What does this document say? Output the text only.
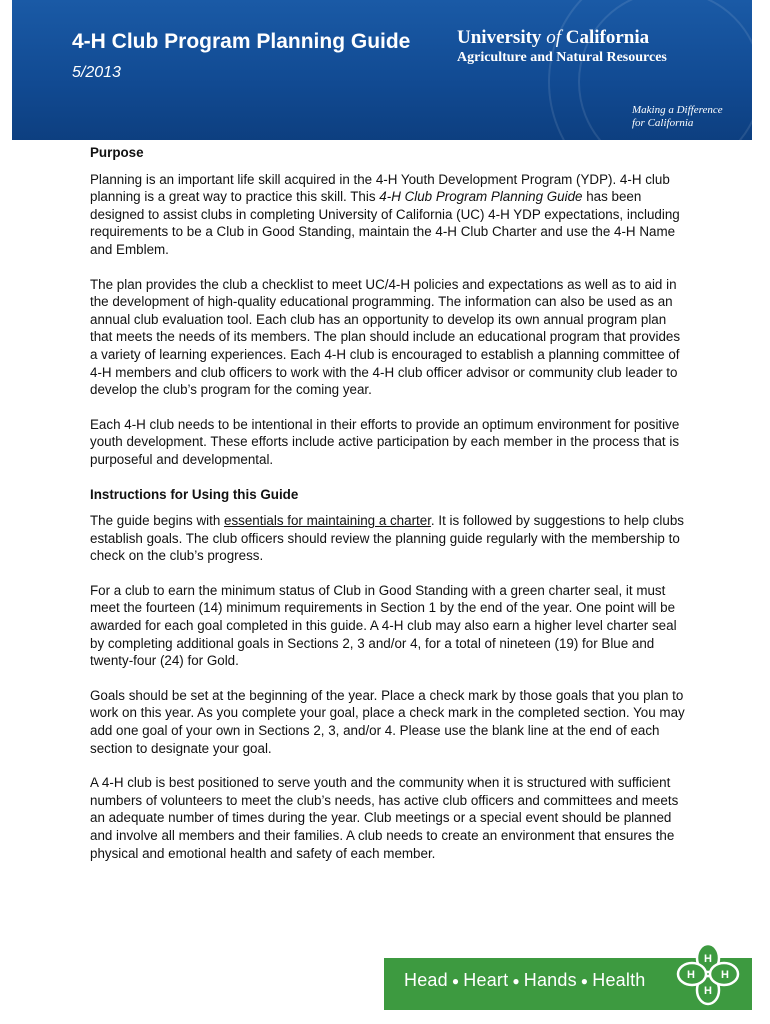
4-H Club Program Planning Guide
5/2013
University of California
Agriculture and Natural Resources
Making a Difference
for California
Purpose

Planning is an important life skill acquired in the 4-H Youth Development Program (YDP). 4-H club planning is a great way to practice this skill. This 4-H Club Program Planning Guide has been designed to assist clubs in completing University of California (UC) 4-H YDP expectations, including requirements to be a Club in Good Standing, maintain the 4-H Club Charter and use the 4-H Name and Emblem.

The plan provides the club a checklist to meet UC/4-H policies and expectations as well as to aid in the development of high-quality educational programming. The information can also be used as an annual club evaluation tool. Each club has an opportunity to develop its own annual program plan that meets the needs of its members. The plan should include an educational program that provides a variety of learning experiences. Each 4-H club is encouraged to establish a planning committee of 4-H members and club officers to work with the 4-H club officer advisor or community club leader to develop the club’s program for the coming year.

Each 4-H club needs to be intentional in their efforts to provide an optimum environment for positive youth development. These efforts include active participation by each member in the process that is purposeful and developmental.

Instructions for Using this Guide

The guide begins with essentials for maintaining a charter. It is followed by suggestions to help clubs establish goals. The club officers should review the planning guide regularly with the membership to check on the club’s progress.

For a club to earn the minimum status of Club in Good Standing with a green charter seal, it must meet the fourteen (14) minimum requirements in Section 1 by the end of the year. One point will be awarded for each goal completed in this guide. A 4-H club may also earn a higher level charter seal by completing additional goals in Sections 2, 3 and/or 4, for a total of nineteen (19) for Blue and twenty-four (24) for Gold.

Goals should be set at the beginning of the year. Place a check mark by those goals that you plan to work on this year. As you complete your goal, place a check mark in the completed section. You may add one goal of your own in Sections 2, 3, and/or 4. Please use the blank line at the end of each section to designate your goal.

A 4-H club is best positioned to serve youth and the community when it is structured with sufficient numbers of volunteers to meet the club’s needs, has active club officers and committees and meets an adequate number of times during the year. Club meetings or a special event should be planned and involve all members and their families. A club needs to create an environment that ensures the physical and emotional health and safety of each member.

Head ● Heart ● Hands ● Health
H
H
H H
